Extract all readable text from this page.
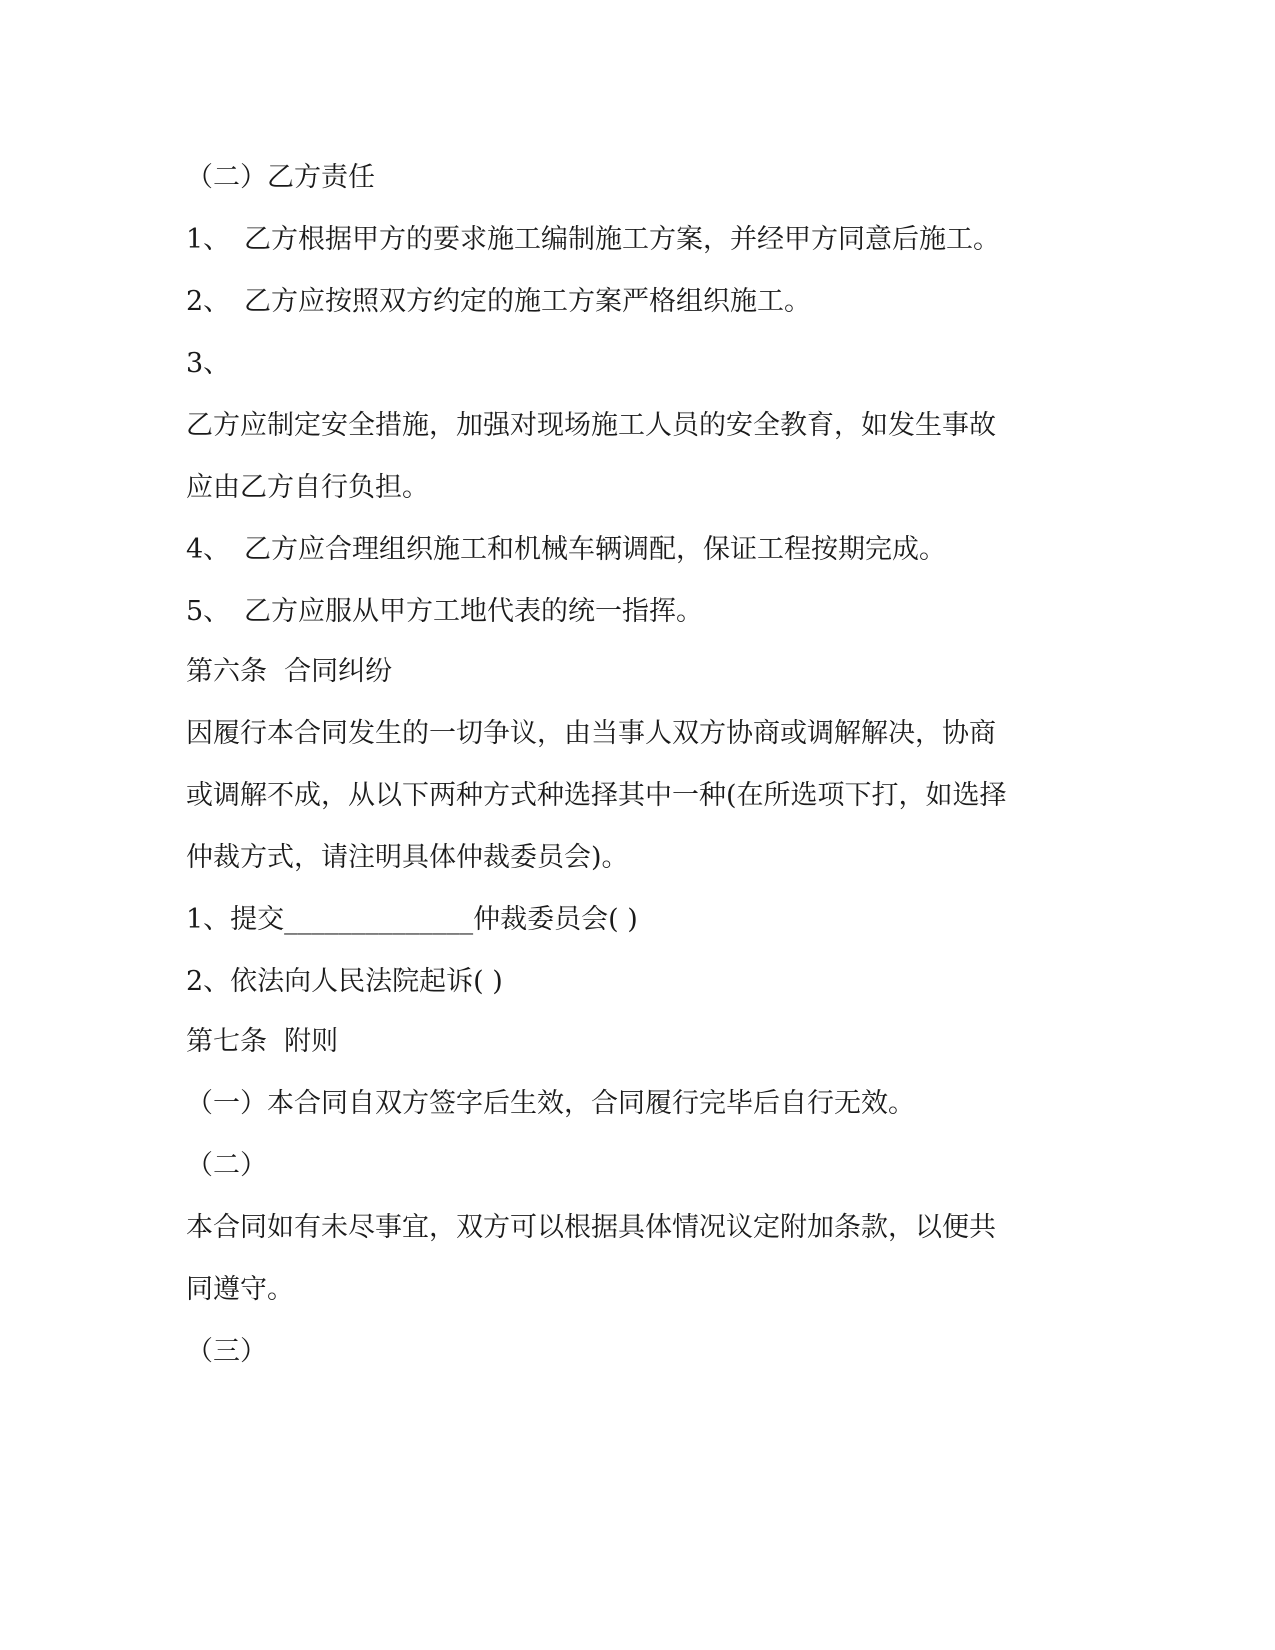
（二）乙方责任
1、 乙方根据甲方的要求施工编制施工方案，并经甲方同意后施工。
2、 乙方应按照双方约定的施工方案严格组织施工。
3、
乙方应制定安全措施，加强对现场施工人员的安全教育，如发生事故
应由乙方自行负担。
4、 乙方应合理组织施工和机械车辆调配，保证工程按期完成。
5、 乙方应服从甲方工地代表的统一指挥。
第六条  合同纠纷
因履行本合同发生的一切争议，由当事人双方协商或调解解决，协商
或调解不成，从以下两种方式种选择其中一种(在所选项下打，如选择
仲裁方式，请注明具体仲裁委员会)。
1、提交______________仲裁委员会( )
2、依法向人民法院起诉( )
第七条  附则
（一）本合同自双方签字后生效，合同履行完毕后自行无效。
（二）
本合同如有未尽事宜，双方可以根据具体情况议定附加条款，以便共
同遵守。
（三）
